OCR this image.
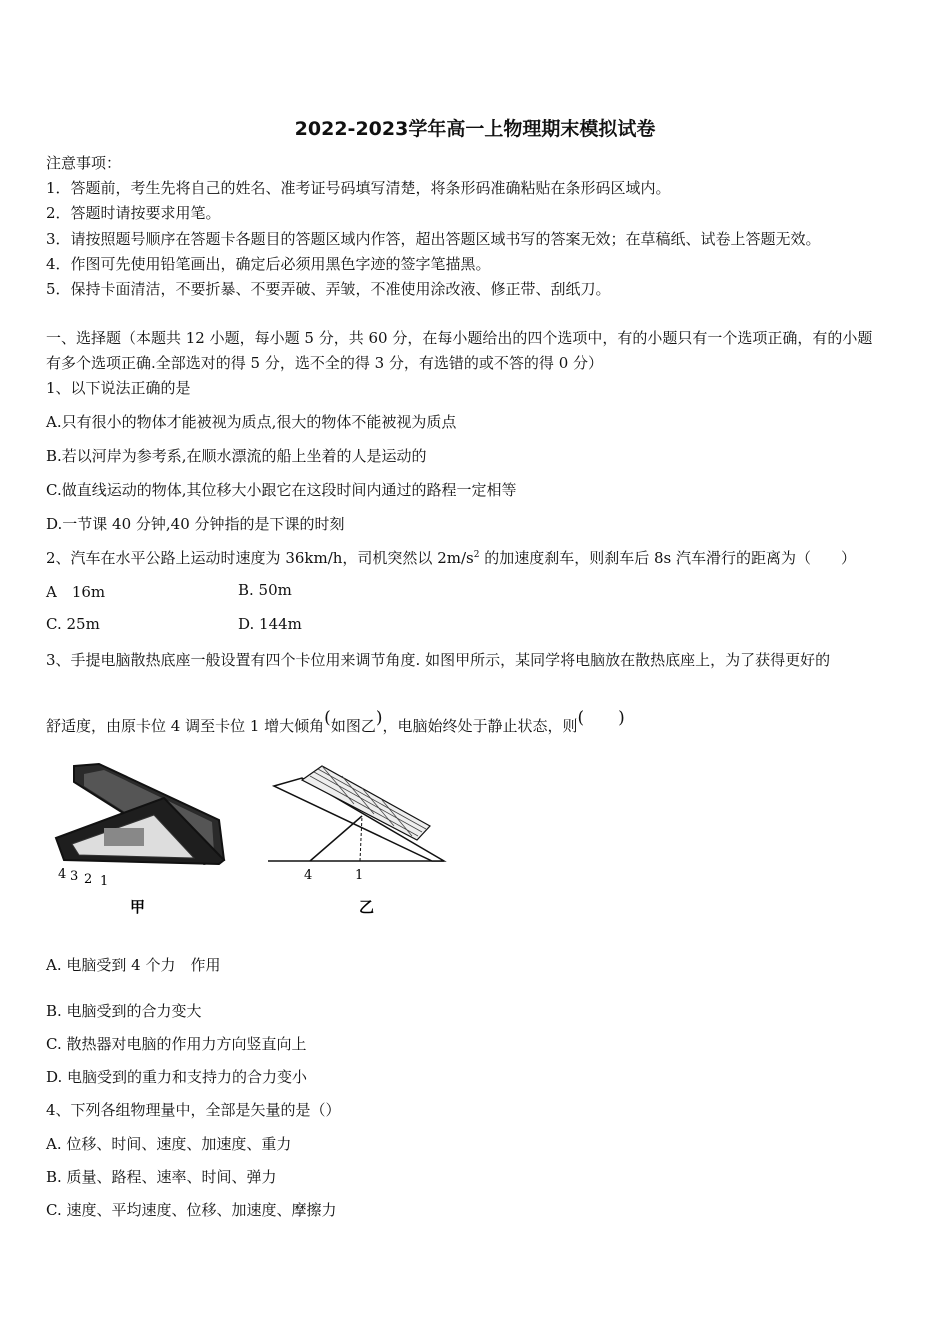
2022-2023学年高一上物理期末模拟试卷
注意事项：
1．答题前，考生先将自己的姓名、准考证号码填写清楚，将条形码准确粘贴在条形码区域内。
2．答题时请按要求用笔。
3．请按照题号顺序在答题卡各题目的答题区域内作答，超出答题区域书写的答案无效；在草稿纸、试卷上答题无效。
4．作图可先使用铅笔画出，确定后必须用黑色字迹的签字笔描黑。
5．保持卡面清洁，不要折暴、不要弄破、弄皱，不准使用涂改液、修正带、刮纸刀。
一、选择题（本题共 12 小题，每小题 5 分，共 60 分，在每小题给出的四个选项中，有的小题只有一个选项正确，有的小题
有多个选项正确.全部选对的得 5 分，选不全的得 3 分，有选错的或不答的得 0 分）
1、以下说法正确的是
A.只有很小的物体才能被视为质点,很大的物体不能被视为质点
B.若以河岸为参考系,在顺水漂流的船上坐着的人是运动的
C.做直线运动的物体,其位移大小跟它在这段时间内通过的路程一定相等
D.一节课 40 分钟,40 分钟指的是下课的时刻
2、汽车在水平公路上运动时速度为 36km/h，司机突然以 $2m/s^2$ 的加速度刹车，则刹车后 8s 汽车滑行的距离为（　　）
A　16m	B. 50m
C. 25m	D. 144m
3、手提电脑散热底座一般设置有四个卡位用来调节角度. 如图甲所示，某同学将电脑放在散热底座上，为了获得更好的
舒适度，由原卡位 4 调至卡位 1 增大倾角(如图乙)，电脑始终处于静止状态，则(　　)
4 3 2 1
甲
4	1
乙
A. 电脑受到 4 个力　作用
B. 电脑受到的合力变大
C. 散热器对电脑的作用力方向竖直向上
D. 电脑受到的重力和支持力的合力变小
4、下列各组物理量中，全部是矢量的是（）
A. 位移、时间、速度、加速度、重力
B. 质量、路程、速率、时间、弹力
C. 速度、平均速度、位移、加速度、摩擦力
